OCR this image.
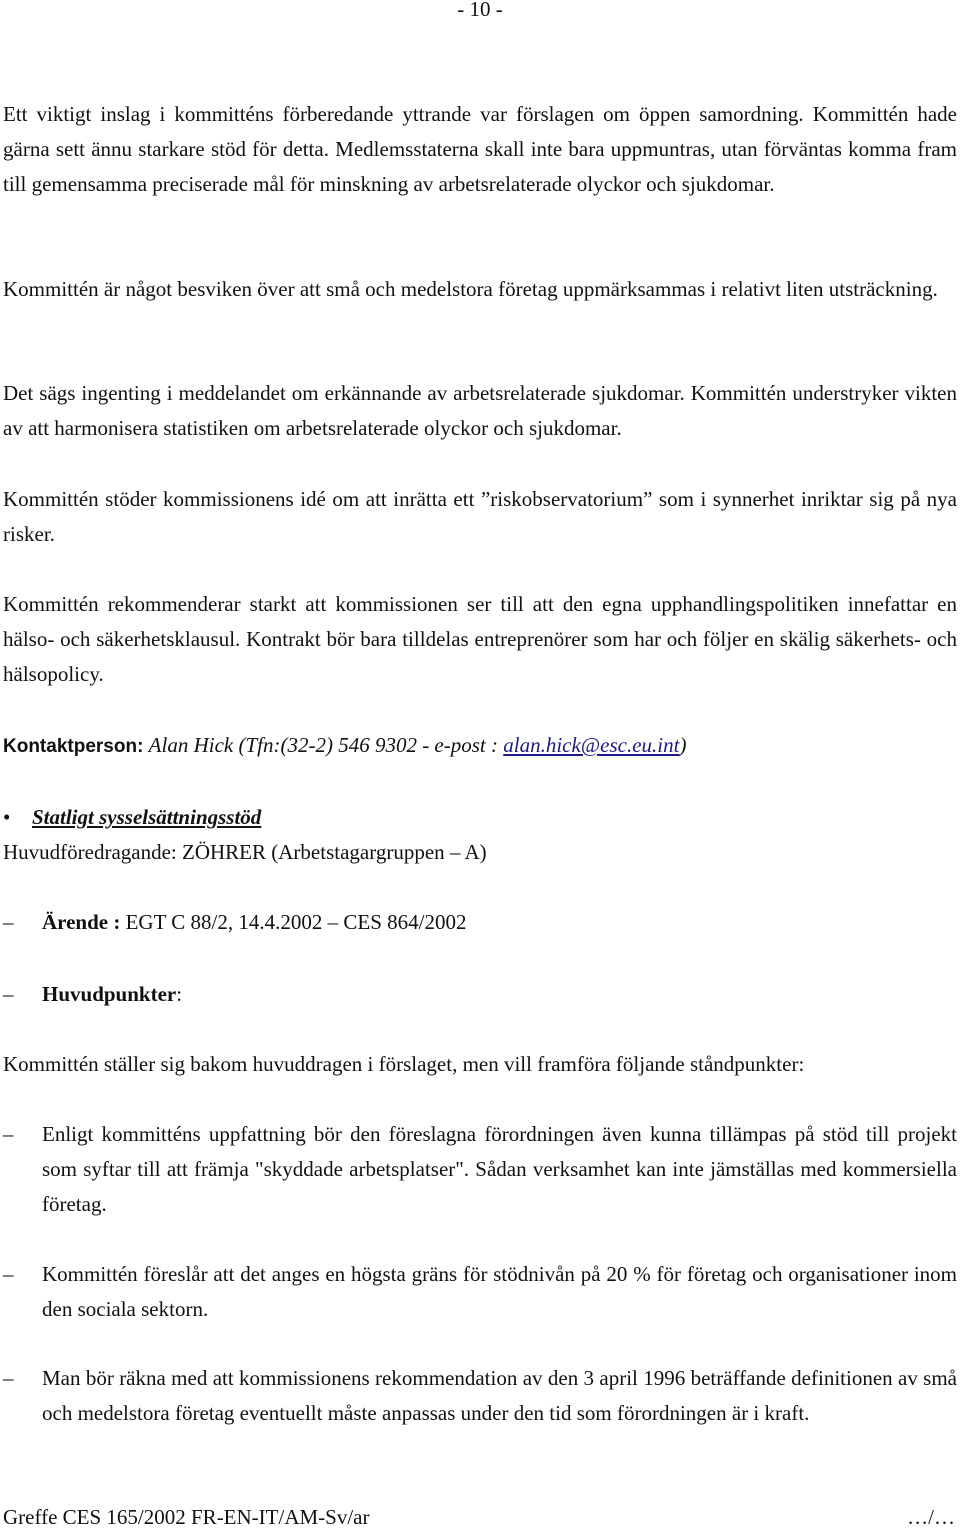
- 10 -

Ett viktigt inslag i kommitténs förberedande yttrande var förslagen om öppen samordning. Kommittén hade gärna sett ännu starkare stöd för detta. Medlemsstaterna skall inte bara uppmuntras, utan förväntas komma fram till gemensamma preciserade mål för minskning av arbetsrelaterade olyckor och sjukdomar.

Kommittén är något besviken över att små och medelstora företag uppmärksammas i relativt liten utsträckning.

Det sägs ingenting i meddelandet om erkännande av arbetsrelaterade sjukdomar. Kommittén understryker vikten av att harmonisera statistiken om arbetsrelaterade olyckor och sjukdomar.

Kommittén stöder kommissionens idé om att inrätta ett ”riskobservatorium” som i synnerhet inriktar sig på nya risker.

Kommittén rekommenderar starkt att kommissionen ser till att den egna upphandlingspolitiken innefattar en hälso- och säkerhetsklausul. Kontrakt bör bara tilldelas entreprenörer som har och följer en skälig säkerhets- och hälsopolicy.

Kontaktperson: Alan Hick (Tfn:(32-2) 546 9302 - e-post : alan.hick@esc.eu.int)
• Statligt sysselsättningsstöd
Huvudföredragande: ZÖHRER (Arbetstagargruppen – A)
– Ärende : EGT C 88/2, 14.4.2002 – CES 864/2002
– Huvudpunkter:

Kommittén ställer sig bakom huvuddragen i förslaget, men vill framföra följande ståndpunkter:

– Enligt kommitténs uppfattning bör den föreslagna förordningen även kunna tillämpas på stöd till projekt som syftar till att främja "skyddade arbetsplatser". Sådan verksamhet kan inte jämställas med kommersiella företag.
– Kommittén föreslår att det anges en högsta gräns för stödnivån på 20 % för företag och organisationer inom den sociala sektorn.
– Man bör räkna med att kommissionens rekommendation av den 3 april 1996 beträffande definitionen av små och medelstora företag eventuellt måste anpassas under den tid som förordningen är i kraft.
Greffe CES 165/2002 FR-EN-IT/AM-Sv/ar	…/…
